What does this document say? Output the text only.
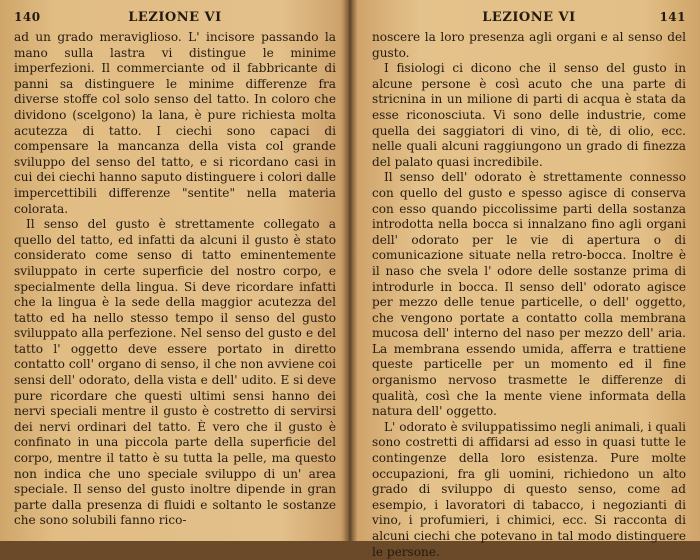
140	LEZIONE VI

ad un grado meraviglioso. L' incisore passando la mano sulla lastra vi distingue le minime imperfezioni. Il commerciante od il fabbricante di panni sa distinguere le minime differenze fra diverse stoffe col solo senso del tatto. In coloro che dividono (scelgono) la lana, è pure richiesta molta acutezza di tatto. I ciechi sono capaci di compensare la mancanza della vista col grande sviluppo del senso del tatto, e si ricordano casi in cui dei ciechi hanno saputo distinguere i colori dalle impercettibili differenze "sentite" nella materia colorata.

Il senso del gusto è strettamente collegato a quello del tatto, ed infatti da alcuni il gusto è stato considerato come senso di tatto eminentemente sviluppato in certe superficie del nostro corpo, e specialmente della lingua. Si deve ricordare infatti che la lingua è la sede della maggior acutezza del tatto ed ha nello stesso tempo il senso del gusto sviluppato alla perfezione. Nel senso del gusto e del tatto l' oggetto deve essere portato in diretto contatto coll' organo di senso, il che non avviene coi sensi dell' odorato, della vista e dell' udito. E si deve pure ricordare che questi ultimi sensi hanno dei nervi speciali mentre il gusto è costretto di servirsi dei nervi ordinari del tatto. È vero che il gusto è confinato in una piccola parte della superficie del corpo, mentre il tatto è su tutta la pelle, ma questo non indica che uno speciale sviluppo di un' area speciale. Il senso del gusto inoltre dipende in gran parte dalla presenza di fluidi e soltanto le sostanze che sono solubili fanno rico-

LEZIONE VI	141

noscere la loro presenza agli organi e al senso del gusto.

I fisiologi ci dicono che il senso del gusto in alcune persone è così acuto che una parte di stricnina in un milione di parti di acqua è stata da esse riconosciuta. Vi sono delle industrie, come quella dei saggiatori di vino, di tè, di olio, ecc. nelle quali alcuni raggiungono un grado di finezza del palato quasi incredibile.

Il senso dell' odorato è strettamente connesso con quello del gusto e spesso agisce di conserva con esso quando piccolissime parti della sostanza introdotta nella bocca si innalzano fino agli organi dell' odorato per le vie di apertura o di comunicazione situate nella retro-bocca. Inoltre è il naso che svela l' odore delle sostanze prima di introdurle in bocca. Il senso dell' odorato agisce per mezzo delle tenue particelle, o dell' oggetto, che vengono portate a contatto colla membrana mucosa dell' interno del naso per mezzo dell' aria. La membrana essendo umida, afferra e trattiene queste particelle per un momento ed il fine organismo nervoso trasmette le differenze di qualità, così che la mente viene informata della natura dell' oggetto.

L' odorato è sviluppatissimo negli animali, i quali sono costretti di affidarsi ad esso in quasi tutte le contingenze della loro esistenza. Pure molte occupazioni, fra gli uomini, richiedono un alto grado di sviluppo di questo senso, come ad esempio, i lavoratori di tabacco, i negozianti di vino, i profumieri, i chimici, ecc. Si racconta di alcuni ciechi che potevano in tal modo distinguere le persone.
